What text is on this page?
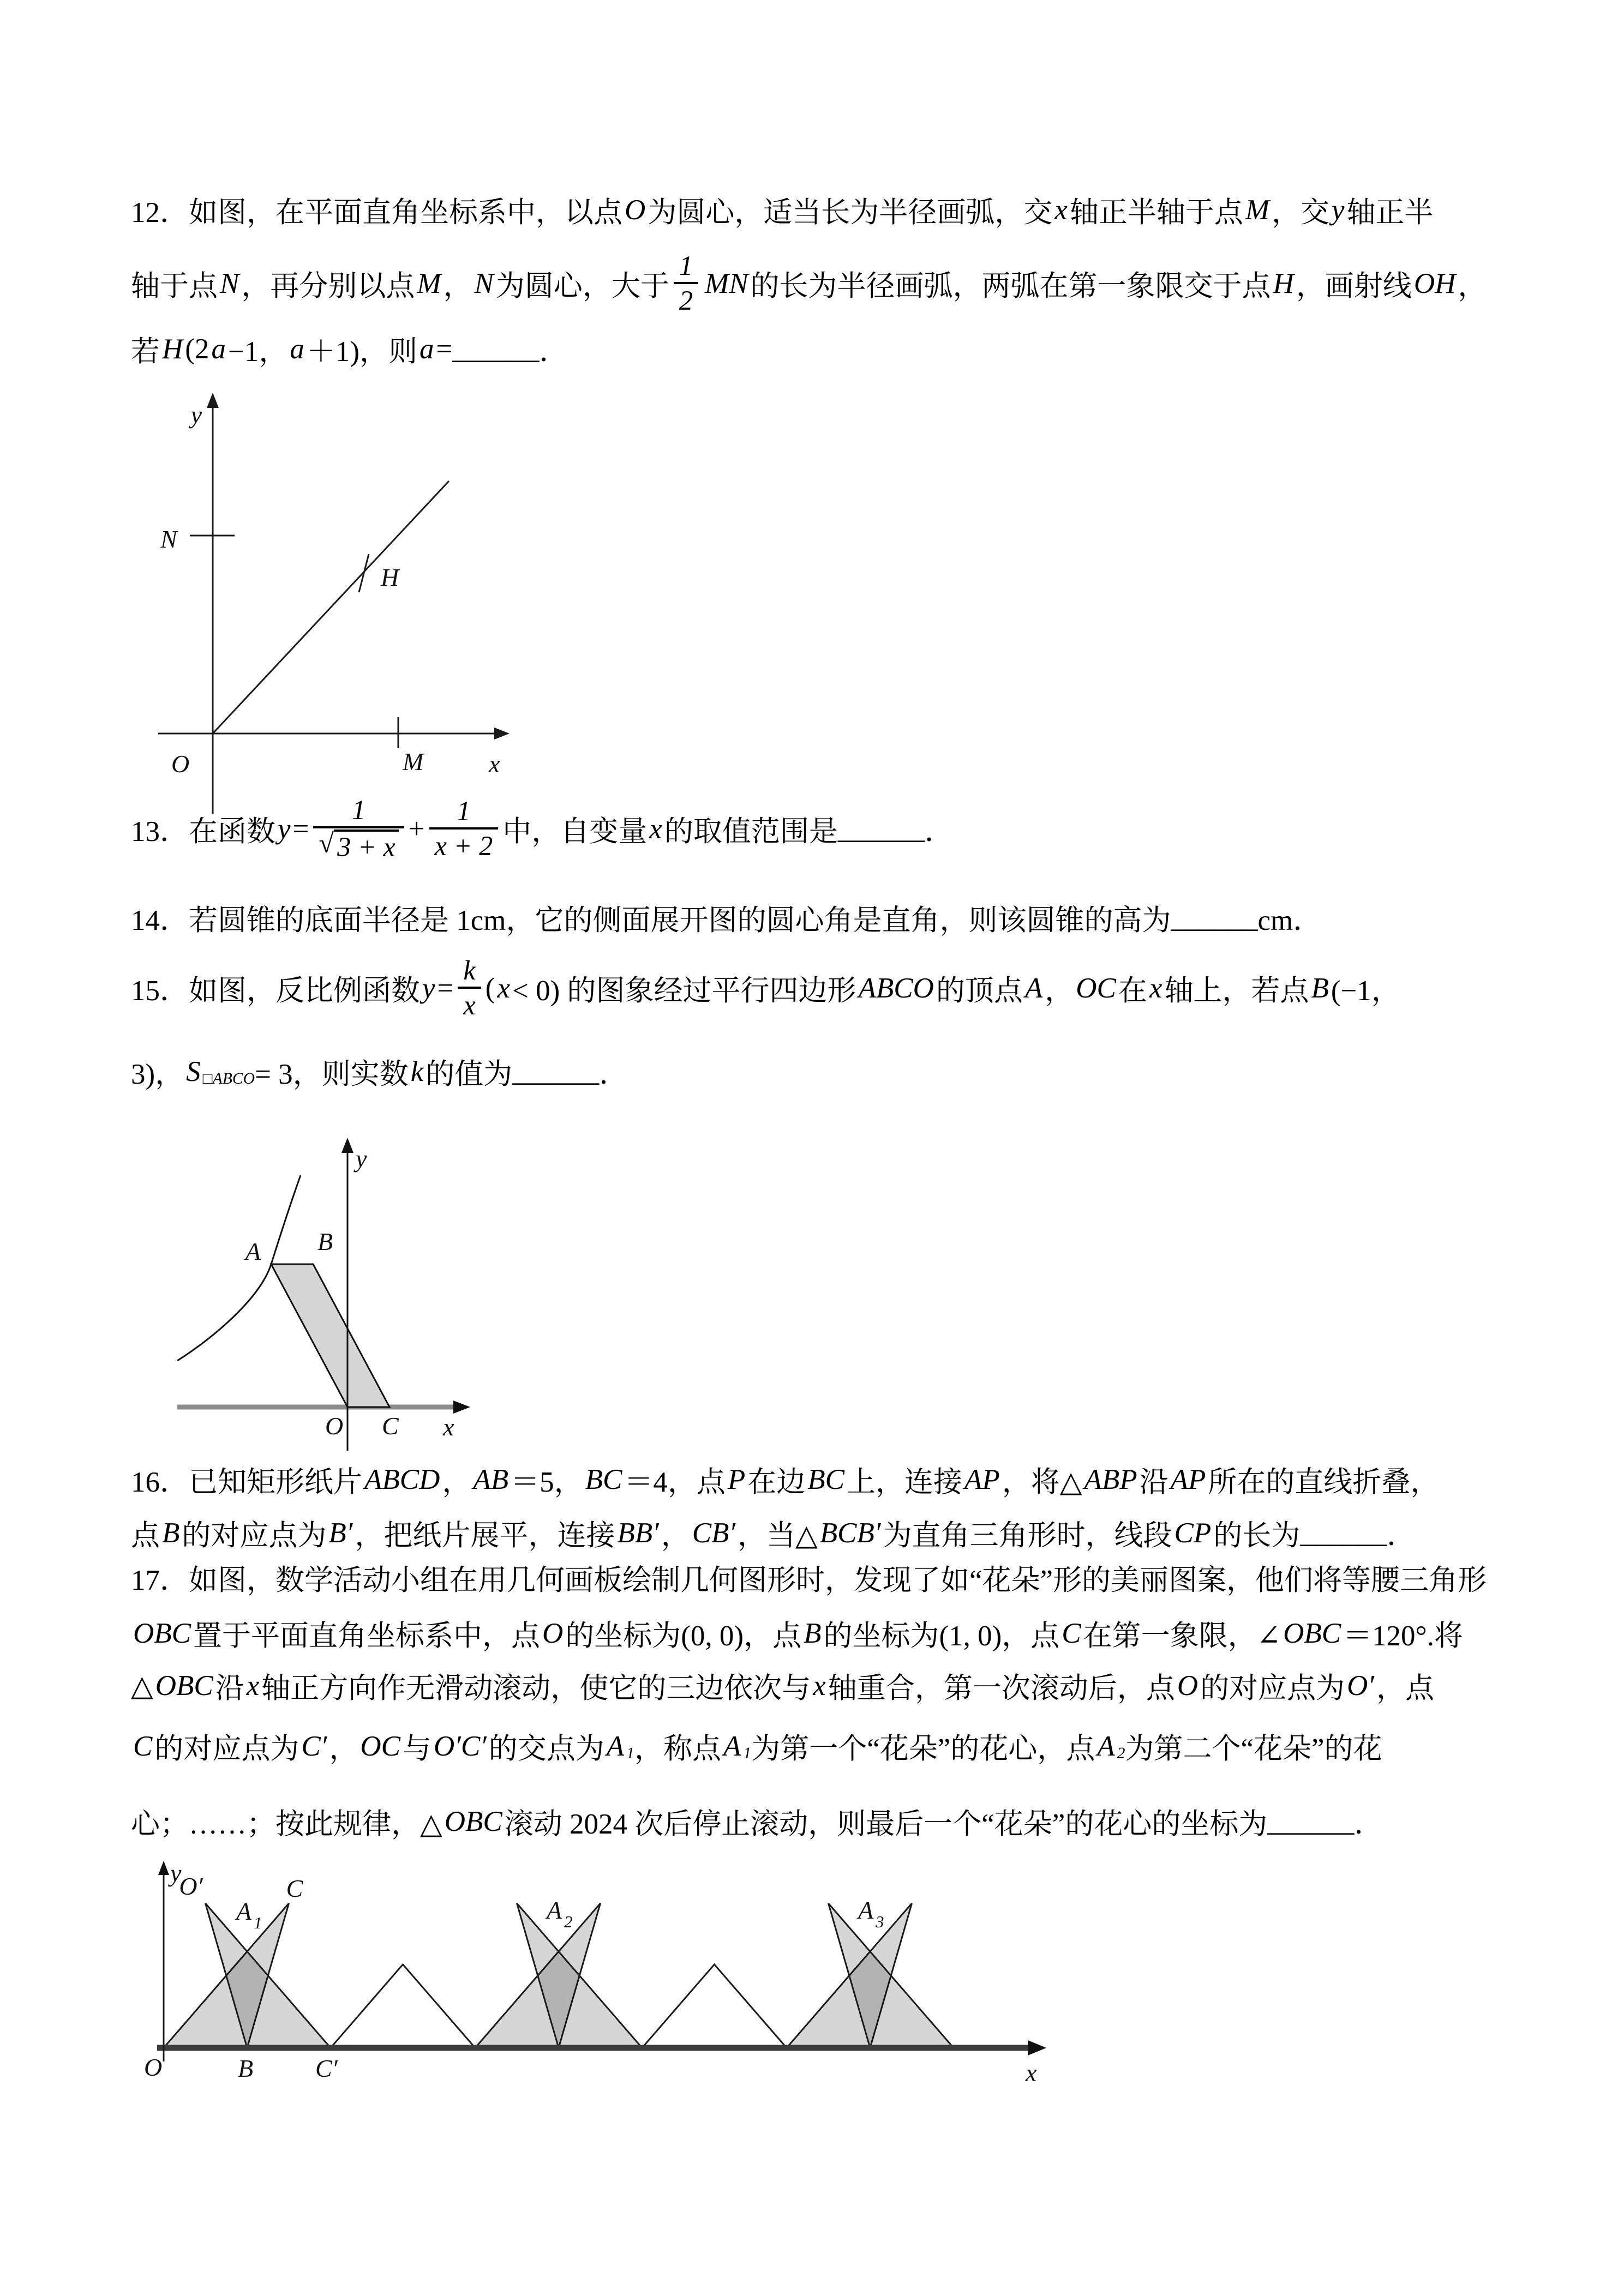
12．如图，在平面直角坐标系中，以点 O 为圆心，适当长为半径画弧，交 x 轴正半轴于点 M ，交 y 轴正半
轴于点 N ，再分别以点 M ， N 为圆心，大于 $\frac{1}{2}$ MN 的长为半径画弧，两弧在第一象限交于点 H ，画射线 OH ，
若 H (2 a −1， a ＋1)，则 a = ______ ．
y
x
O
N
M
H
13．在函数 $y = \frac{1}{√ 3 + x} + \frac{1}{x + 2}$ 中，自变量 x 的取值范围是 ______ ．
14．若圆锥的底面半径是 1cm，它的侧面展开图的圆心角是直角，则该圆锥的高为 ______ cm．
15．如图，反比例函数 $y = \frac{k}{x}$ ( x < 0) 的图象经过平行四边形 ABCO 的顶点 A ， OC 在 x 轴上，若点 B (−1，
3)， S □ABCO = 3，则实数 k 的值为 ______ ．
y
x
O C
A B
16．已知矩形纸片 ABCD ， AB ＝5， BC ＝4，点 P 在边 BC 上，连接 AP ，将△ ABP 沿 AP 所在的直线折叠，
点 B 的对应点为 B′ ，把纸片展平，连接 BB′ ， CB′ ，当△ BCB′ 为直角三角形时，线段 CP 的长为 ______ ．
17．如图，数学活动小组在用几何画板绘制几何图形时，发现了如“花朵”形的美丽图案，他们将等腰三角形
OBC 置于平面直角坐标系中，点 O 的坐标为(0, 0)，点 B 的坐标为(1, 0)，点 C 在第一象限，∠ OBC ＝120°.将
△ OBC 沿 x 轴正方向作无滑动滚动，使它的三边依次与 x 轴重合，第一次滚动后，点 O 的对应点为 O′ ，点
C 的对应点为 C′ ， OC 与 O′C′ 的交点为 A 1 ，称点 A 1 为第一个“花朵”的花心，点 A 2 为第二个“花朵”的花
心；……；按此规律，△ OBC 滚动 2024 次后停止滚动，则最后一个“花朵”的花心的坐标为 ______ ．
y
x
O	B C′
O′
A 1
C
A 2	A 3
